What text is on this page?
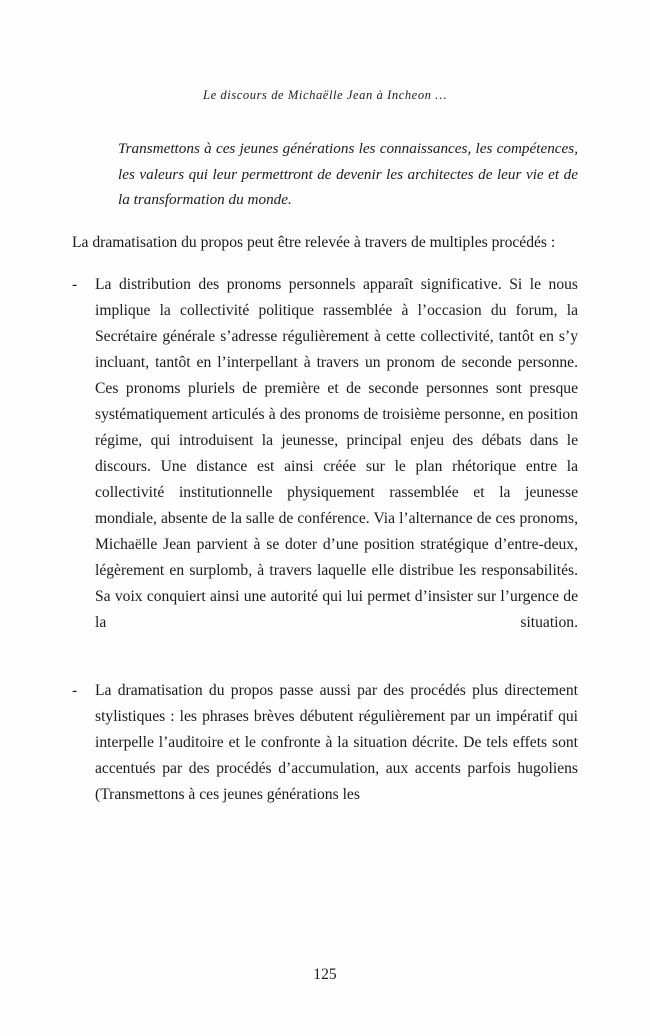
Le discours de Michaëlle Jean à Incheon …
Transmettons à ces jeunes générations les connaissances, les compétences, les valeurs qui leur permettront de devenir les architectes de leur vie et de la transformation du monde.

La dramatisation du propos peut être relevée à travers de multiples procédés :

- La distribution des pronoms personnels apparaît significative. Si le nous implique la collectivité politique rassemblée à l’occasion du forum, la Secrétaire générale s’adresse régulièrement à cette collectivité, tantôt en s’y incluant, tantôt en l’interpellant à travers un pronom de seconde personne. Ces pronoms pluriels de première et de seconde personnes sont presque systématiquement articulés à des pronoms de troisième personne, en position régime, qui introduisent la jeunesse, principal enjeu des débats dans le discours. Une distance est ainsi créée sur le plan rhétorique entre la collectivité institutionnelle physiquement rassemblée et la jeunesse mondiale, absente de la salle de conférence. Via l’alternance de ces pronoms, Michaëlle Jean parvient à se doter d’une position stratégique d’entre-deux, légèrement en surplomb, à travers laquelle elle distribue les responsabilités. Sa voix conquiert ainsi une autorité qui lui permet d’insister sur l’urgence de la situation.
- La dramatisation du propos passe aussi par des procédés plus directement stylistiques : les phrases brèves débutent régulièrement par un impératif qui interpelle l’auditoire et le confronte à la situation décrite. De tels effets sont accentués par des procédés d’accumulation, aux accents parfois hugoliens (Transmettons à ces jeunes générations les
125
